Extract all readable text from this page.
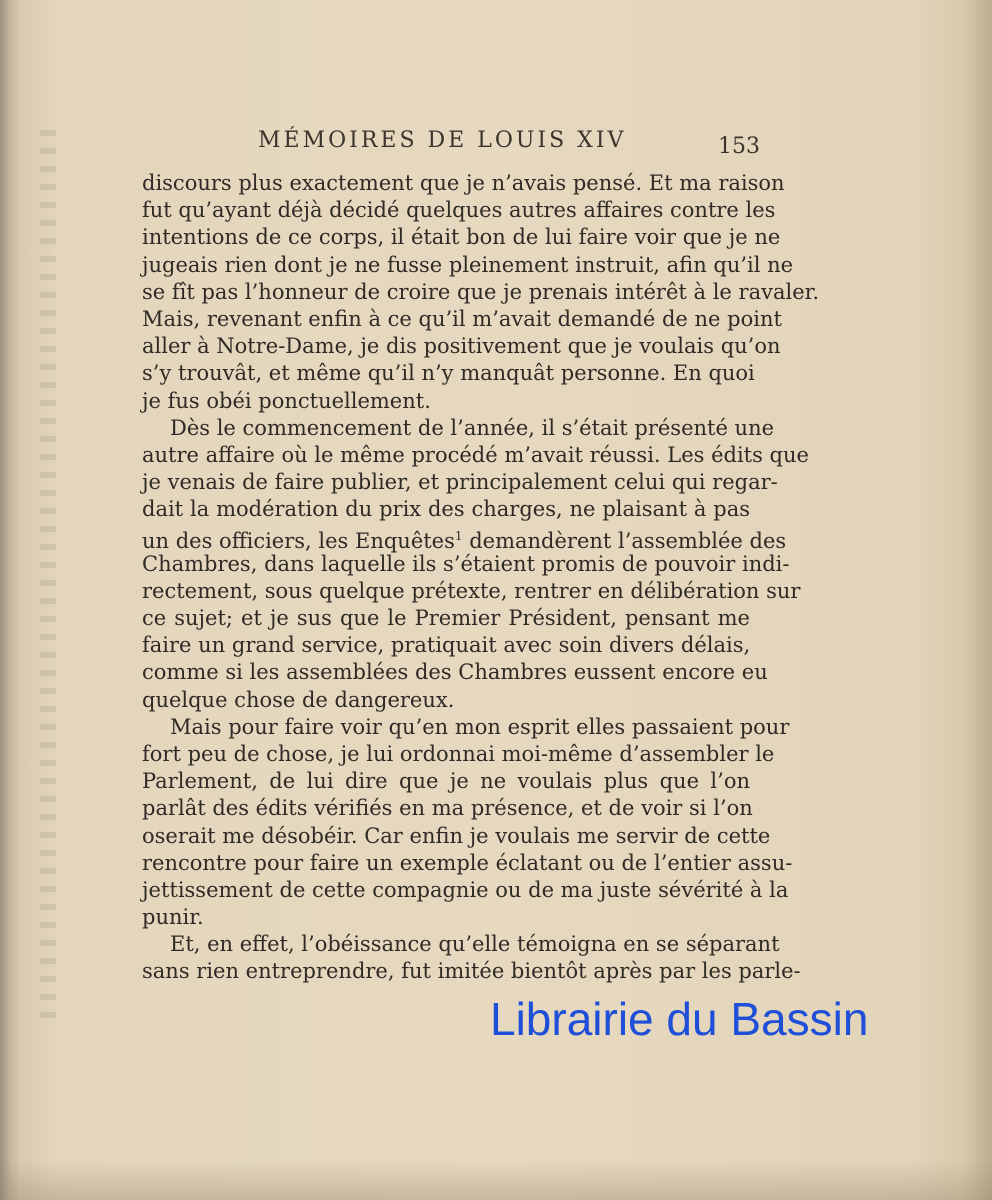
MÉMOIRES DE LOUIS XIV	153
discours plus exactement que je n’avais pensé. Et ma raison
fut qu’ayant déjà décidé quelques autres affaires contre les
intentions de ce corps, il était bon de lui faire voir que je ne
jugeais rien dont je ne fusse pleinement instruit, afin qu’il ne
se fît pas l’honneur de croire que je prenais intérêt à le ravaler.
Mais, revenant enfin à ce qu’il m’avait demandé de ne point
aller à Notre-Dame, je dis positivement que je voulais qu’on
s’y trouvât, et même qu’il n’y manquât personne. En quoi
je fus obéi ponctuellement.
Dès le commencement de l’année, il s’était présenté une
autre affaire où le même procédé m’avait réussi. Les édits que
je venais de faire publier, et principalement celui qui regar-
dait la modération du prix des charges, ne plaisant à pas
un des officiers, les Enquêtes$^1$ demandèrent l’assemblée des
Chambres, dans laquelle ils s’étaient promis de pouvoir indi-
rectement, sous quelque prétexte, rentrer en délibération sur
ce sujet; et je sus que le Premier Président, pensant me
faire un grand service, pratiquait avec soin divers délais,
comme si les assemblées des Chambres eussent encore eu
quelque chose de dangereux.
Mais pour faire voir qu’en mon esprit elles passaient pour
fort peu de chose, je lui ordonnai moi-même d’assembler le
Parlement, de lui dire que je ne voulais plus que l’on
parlât des édits vérifiés en ma présence, et de voir si l’on
oserait me désobéir. Car enfin je voulais me servir de cette
rencontre pour faire un exemple éclatant ou de l’entier assu-
jettissement de cette compagnie ou de ma juste sévérité à la
punir.
Et, en effet, l’obéissance qu’elle témoigna en se séparant
sans rien entreprendre, fut imitée bientôt après par les parle-
Librairie du Bassin
